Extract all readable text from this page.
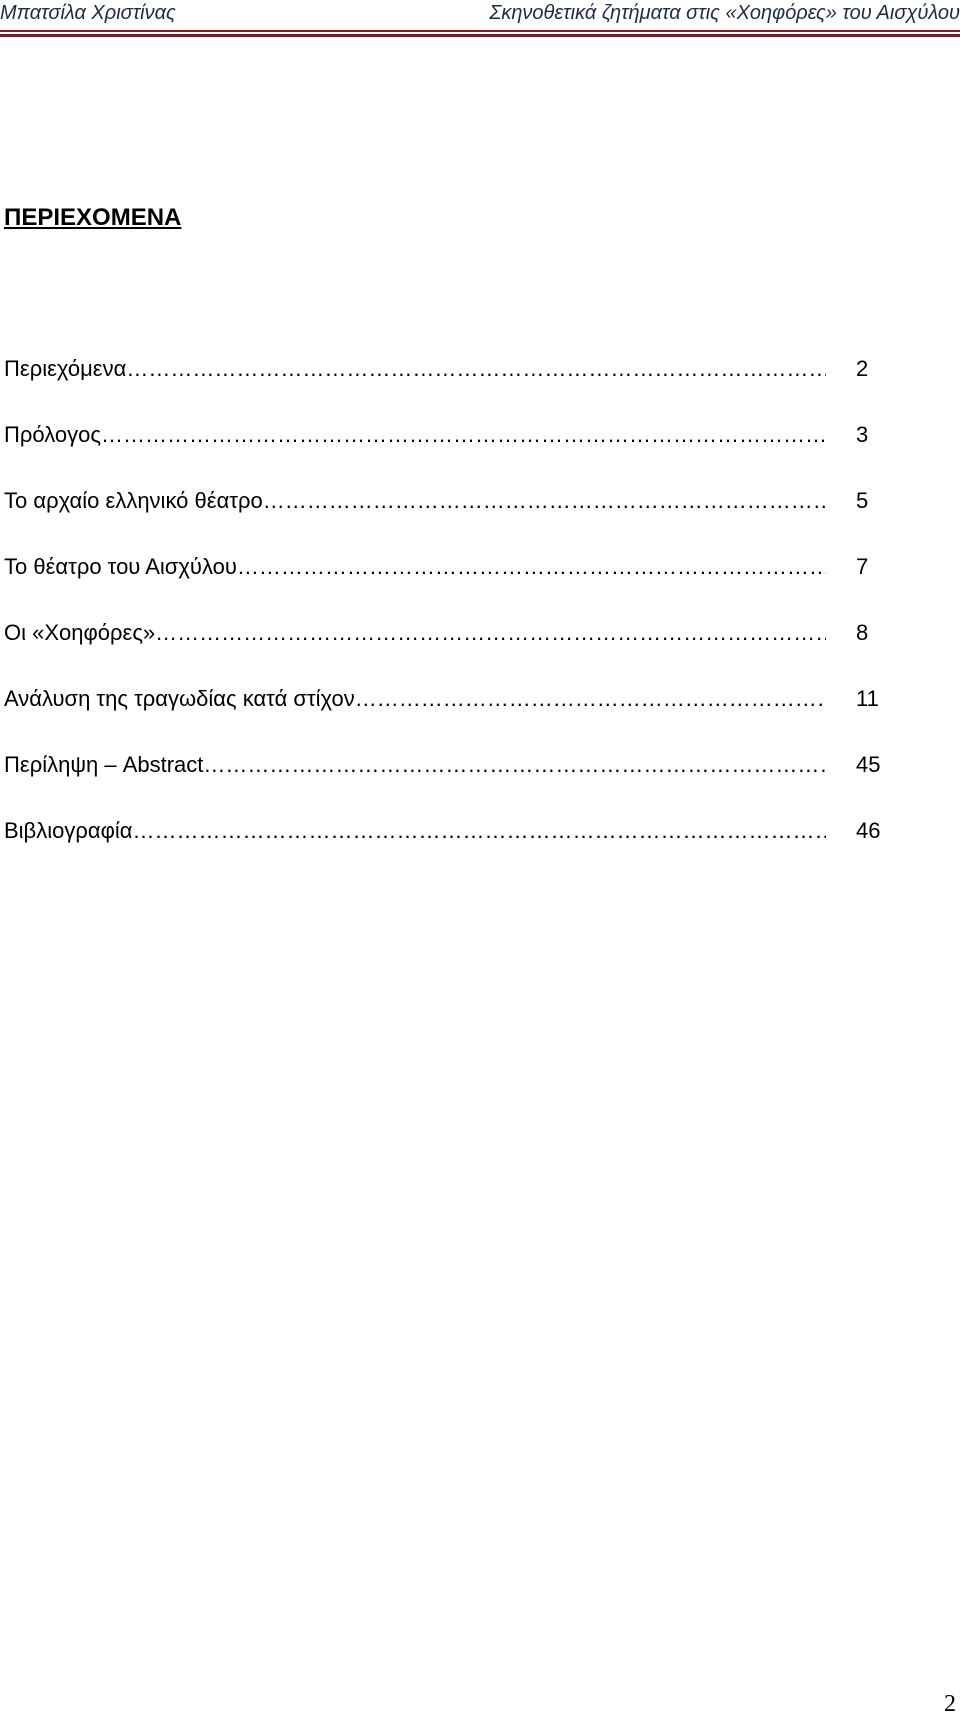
Μπατσίλα Χριστίνας	Σκηνοθετικά ζητήματα στις «Χοηφόρες» του Αισχύλου
ΠΕΡΙΕΧΟΜΕΝΑ
Περιεχόμενα ………………………………………………………………………………………………………………	2
Πρόλογος ………………………………………………………………………………………………………………	3
Το αρχαίο ελληνικό θέατρο ………………………………………………………………………………………………………………	5
Το θέατρο του Αισχύλου ………………………………………………………………………………………………………………	7
Οι «Χοηφόρες» ………………………………………………………………………………………………………………	8
Ανάλυση της τραγωδίας κατά στίχον ………………………………………………………………………………………………………………	11
Περίληψη – Abstract ………………………………………………………………………………………………………………	45
Βιβλιογραφία ………………………………………………………………………………………………………………	46
2
